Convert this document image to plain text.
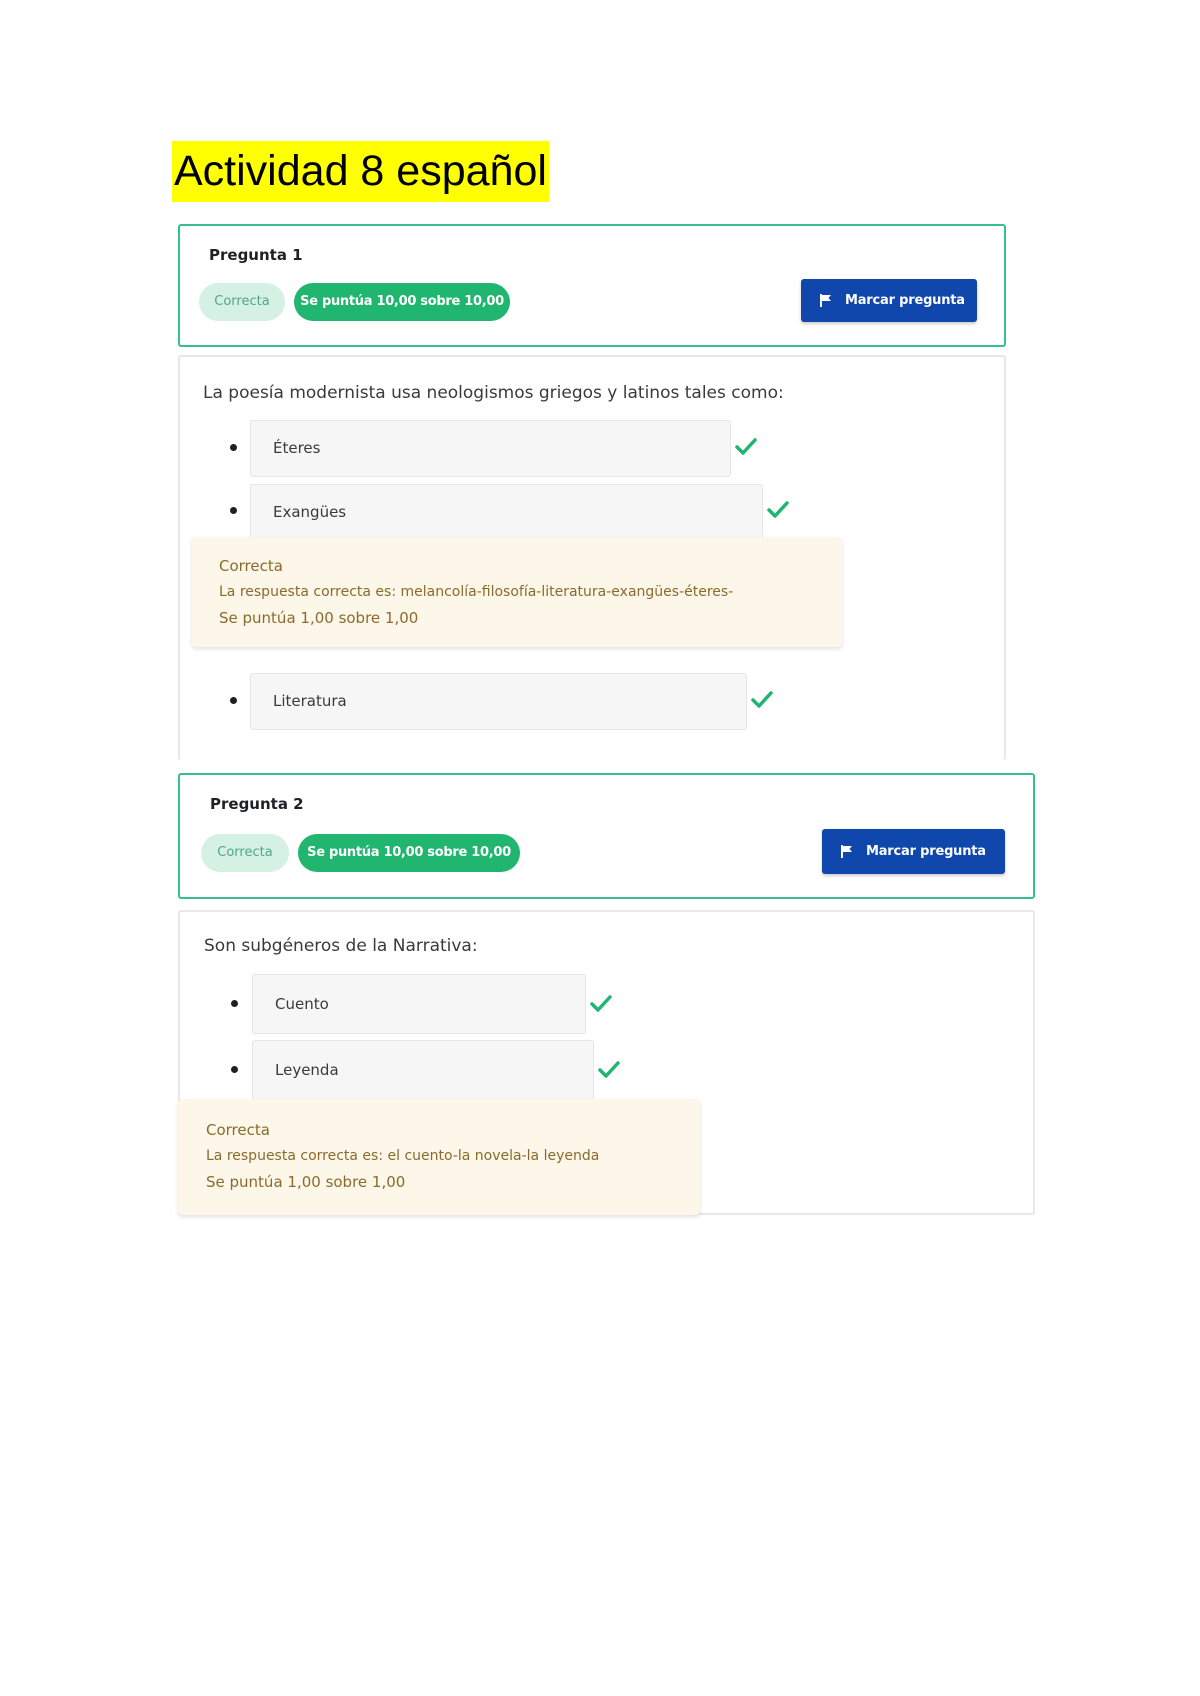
Actividad 8 español
Pregunta 1
Correcta	Se puntúa 10,00 sobre 10,00	Marcar pregunta
La poesía modernista usa neologismos griegos y latinos tales como:
Éteres
Exangües
Literatura
Correcta
La respuesta correcta es: melancolía-filosofía-literatura-exangües-éteres-
Se puntúa 1,00 sobre 1,00
Pregunta 2
Correcta	Se puntúa 10,00 sobre 10,00	Marcar pregunta
Son subgéneros de la Narrativa:
Cuento
Leyenda
Correcta
La respuesta correcta es: el cuento-la novela-la leyenda
Se puntúa 1,00 sobre 1,00
